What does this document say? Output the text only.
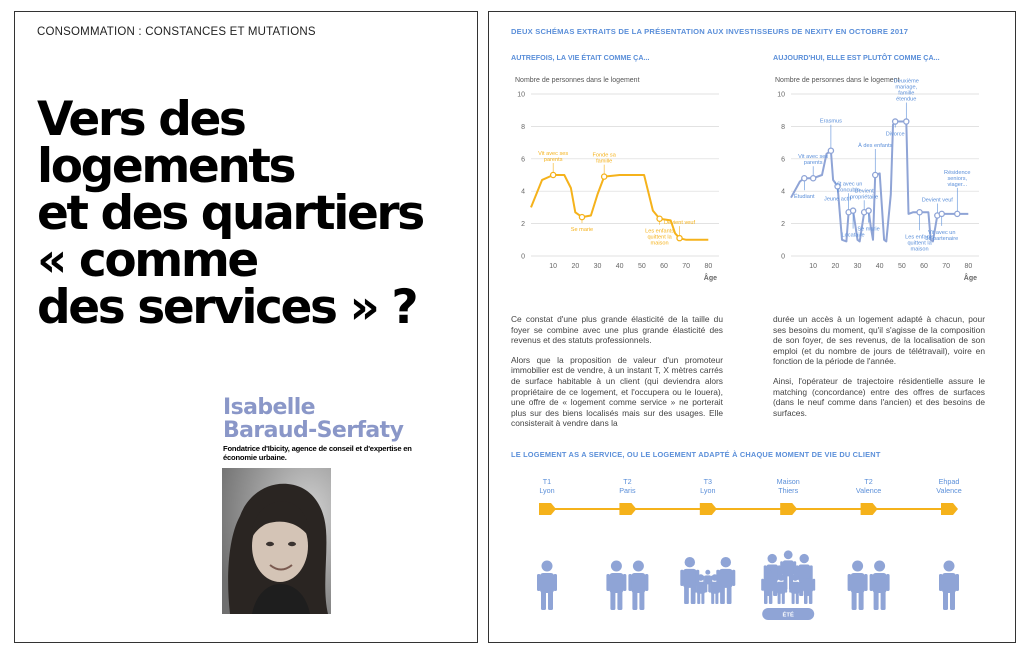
CONSOMMATION : CONSTANCES ET MUTATIONS
Vers des
logements
et des quartiers
« comme
des services » ?
Isabelle
Baraud-Serfaty
Fondatrice d'Ibicity, agence de conseil et d'expertise en économie urbaine.
DEUX SCHÉMAS EXTRAITS DE LA PRÉSENTATION AUX INVESTISSEURS DE NEXITY EN OCTOBRE 2017
AUTREFOIS, LA VIE ÉTAIT COMME ÇA...
Nombre de personnes dans le logement
0
2
4
6
8
10
10 20 30 40 50 60 70 80
Âge
Vit avec ses parents
Se marie
Fonde sa famille
Les enfants quittent la maison
Devient veuf
AUJOURD'HUI, ELLE EST PLUTÔT COMME ÇA...
Nombre de personnes dans le logement
0
2
4
6
8
10
10 20 30 40 50 60 70 80
Âge
Vit avec ses parents
Étudiant
Erasmus
Jeune actif
Vit avec un concubin
Locataire
Devient propriétaire
Se marie
À des enfants
Divorce
Deuxième mariage, famille étendue
Les enfants quittent la maison
Devient veuf
Vit avec un 3e partenaire
Résidence seniors, viager...

Ce constat d'une plus grande élasticité de la taille du foyer se combine avec une plus grande élasticité des revenus et des statuts professionnels.

Alors que la proposition de valeur d'un promoteur immobilier est de vendre, à un instant T, X mètres carrés de surface habitable à un client (qui deviendra alors propriétaire de ce logement, et l'occupera ou le louera), une offre de « logement comme service » ne porterait plus sur des biens localisés mais sur des usages. Elle consisterait à vendre dans la

durée un accès à un logement adapté à chacun, pour ses besoins du moment, qu'il s'agisse de la composition de son foyer, de ses revenus, de la localisation de son emploi (et du nombre de jours de télétravail), voire en fonction de la période de l'année.

Ainsi, l'opérateur de trajectoire résidentielle assure le matching (concordance) entre des offres de surfaces (dans le neuf comme dans l'ancien) et des besoins de surfaces.

LE LOGEMENT AS A SERVICE, OU LE LOGEMENT ADAPTÉ À CHAQUE MOMENT DE VIE DU CLIENT
T1
Lyon
T2
Paris
T3
Lyon
Maison
Thiers
ÉTÉ
T2
Valence
Ehpad
Valence
